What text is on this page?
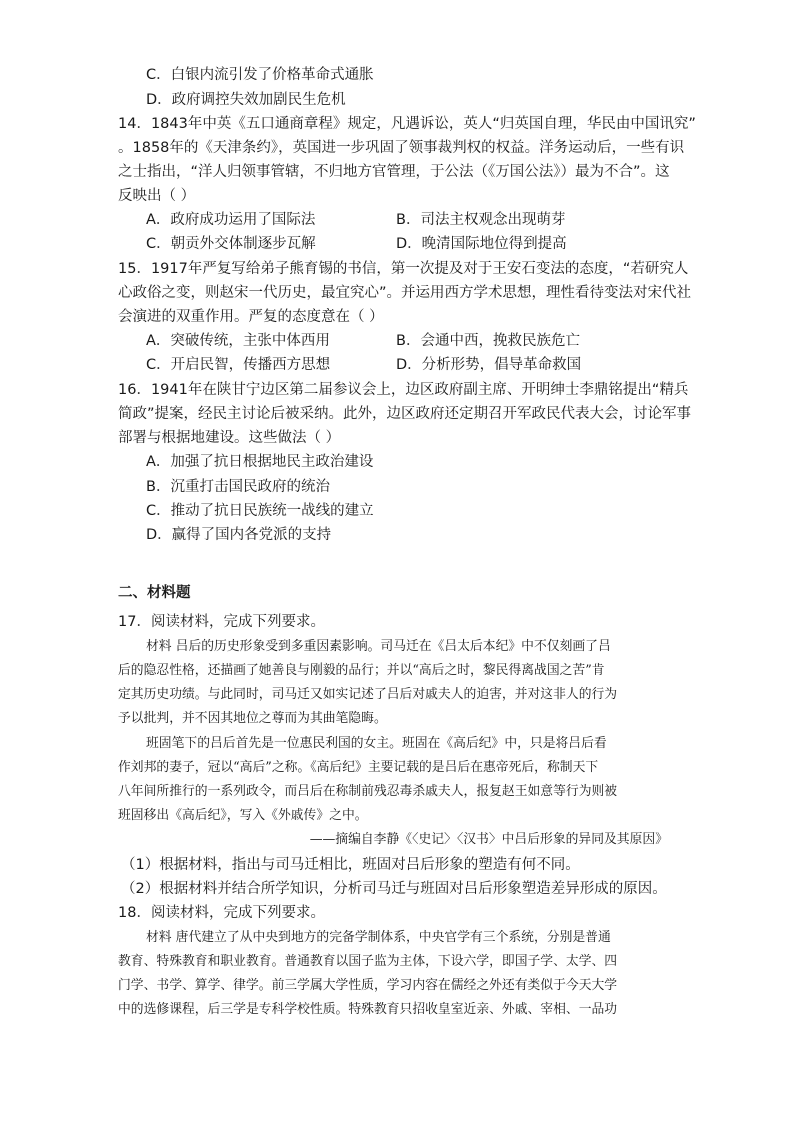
C．白银内流引发了价格革命式通胀
D．政府调控失效加剧民生危机
14．1843年中英《五口通商章程》规定，凡遇诉讼，英人“归英国自理，华民由中国讯究”
。1858年的《天津条约》，英国进一步巩固了领事裁判权的权益。洋务运动后，一些有识
之士指出，“洋人归领事管辖，不归地方官管理，于公法（《万国公法》）最为不合”。这
反映出（ ）
A．政府成功运用了国际法	B．司法主权观念出现萌芽
C．朝贡外交体制逐步瓦解	D．晚清国际地位得到提高
15．1917年严复写给弟子熊育锡的书信，第一次提及对于王安石变法的态度，“若研究人
心政俗之变，则赵宋一代历史，最宜究心”。并运用西方学术思想，理性看待变法对宋代社
会演进的双重作用。严复的态度意在（ ）
A．突破传统，主张中体西用	B．会通中西，挽救民族危亡
C．开启民智，传播西方思想	D．分析形势，倡导革命救国
16．1941年在陕甘宁边区第二届参议会上，边区政府副主席、开明绅士李鼎铭提出“精兵
简政”提案，经民主讨论后被采纳。此外，边区政府还定期召开军政民代表大会，讨论军事
部署与根据地建设。这些做法（ ）
A．加强了抗日根据地民主政治建设
B．沉重打击国民政府的统治
C．推动了抗日民族统一战线的建立
D．赢得了国内各党派的支持
二、材料题
17．阅读材料，完成下列要求。
材料 吕后的历史形象受到多重因素影响。司马迁在《吕太后本纪》中不仅刻画了吕
后的隐忍性格，还描画了她善良与刚毅的品行；并以“高后之时，黎民得离战国之苦”肯
定其历史功绩。与此同时，司马迁又如实记述了吕后对戚夫人的迫害，并对这非人的行为
予以批判，并不因其地位之尊而为其曲笔隐晦。
班固笔下的吕后首先是一位惠民利国的女主。班固在《高后纪》中，只是将吕后看
作刘邦的妻子，冠以“高后”之称。《高后纪》主要记载的是吕后在惠帝死后，称制天下
八年间所推行的一系列政令，而吕后在称制前残忍毒杀戚夫人，报复赵王如意等行为则被
班固移出《高后纪》，写入《外戚传》之中。
——摘编自李静《〈史记〉〈汉书〉中吕后形象的异同及其原因》
（1）根据材料，指出与司马迁相比，班固对吕后形象的塑造有何不同。
（2）根据材料并结合所学知识，分析司马迁与班固对吕后形象塑造差异形成的原因。
18．阅读材料，完成下列要求。
材料 唐代建立了从中央到地方的完备学制体系，中央官学有三个系统，分别是普通
教育、特殊教育和职业教育。普通教育以国子监为主体，下设六学，即国子学、太学、四
门学、书学、算学、律学。前三学属大学性质，学习内容在儒经之外还有类似于今天大学
中的选修课程，后三学是专科学校性质。特殊教育只招收皇室近亲、外戚、宰相、一品功
